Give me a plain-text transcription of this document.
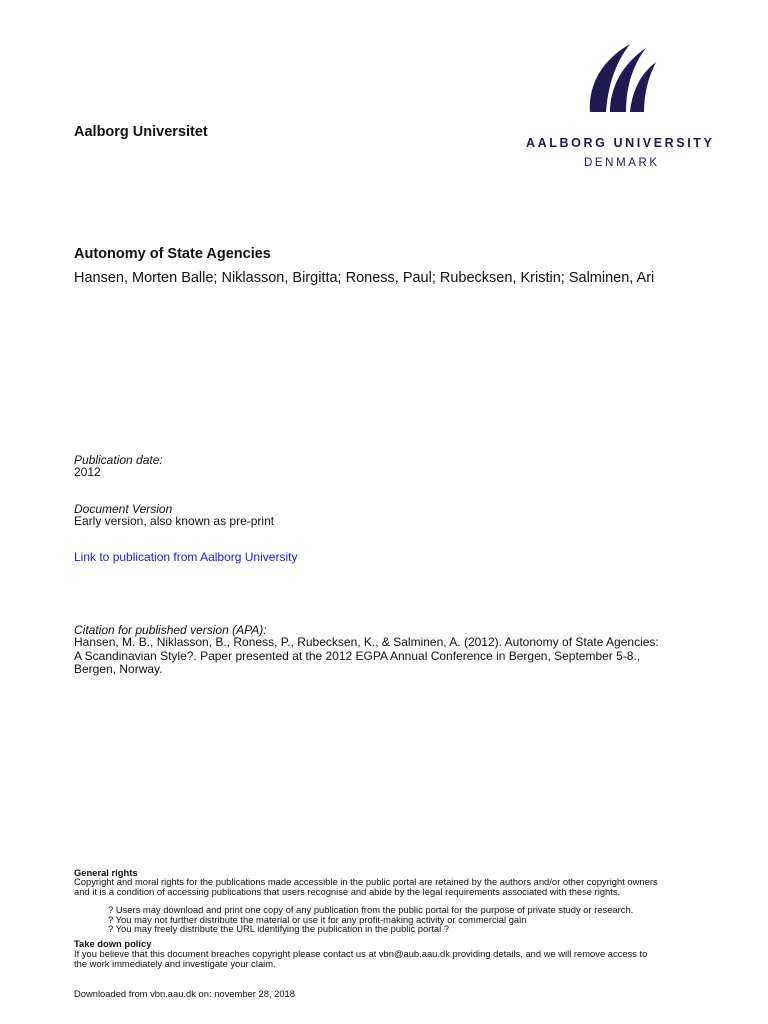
Aalborg Universitet
AALBORG UNIVERSITY
DENMARK
Autonomy of State Agencies
Hansen, Morten Balle; Niklasson, Birgitta; Roness, Paul; Rubecksen, Kristin; Salminen, Ari
Publication date:
2012
Document Version
Early version, also known as pre-print
Link to publication from Aalborg University
Citation for published version (APA):
Hansen, M. B., Niklasson, B., Roness, P., Rubecksen, K., & Salminen, A. (2012). Autonomy of State Agencies:
A Scandinavian Style?. Paper presented at the 2012 EGPA Annual Conference in Bergen, September 5-8.,
Bergen, Norway.
General rights
Copyright and moral rights for the publications made accessible in the public portal are retained by the authors and/or other copyright owners
and it is a condition of accessing publications that users recognise and abide by the legal requirements associated with these rights.
? Users may download and print one copy of any publication from the public portal for the purpose of private study or research.
? You may not further distribute the material or use it for any profit-making activity or commercial gain
? You may freely distribute the URL identifying the publication in the public portal ?
Take down policy
If you believe that this document breaches copyright please contact us at vbn@aub.aau.dk providing details, and we will remove access to
the work immediately and investigate your claim.
Downloaded from vbn.aau.dk on: november 28, 2018
